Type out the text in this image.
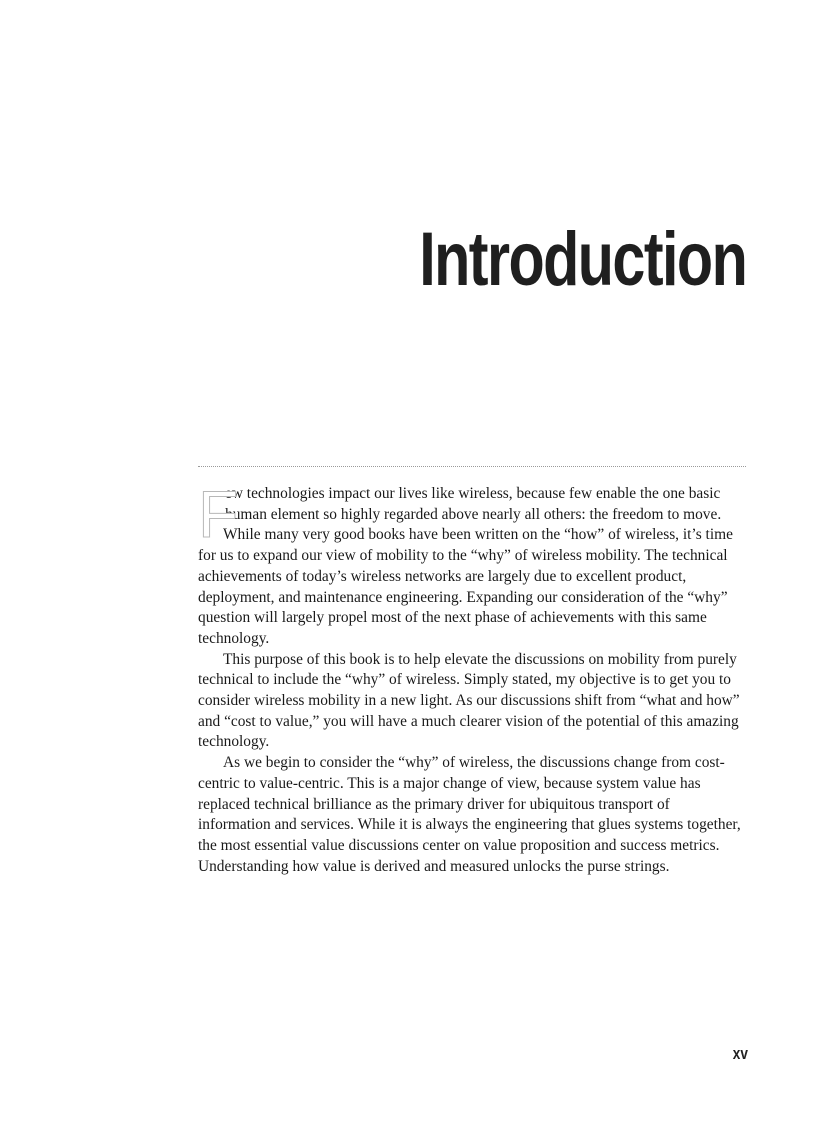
Introduction

F
ew technologies impact our lives like wireless, because few enable the one basic human element so highly regarded above nearly all others: the freedom to move.

While many very good books have been written on the “how” of wireless, it’s time for us to expand our view of mobility to the “why” of wireless mobility. The technical achievements of today’s wireless networks are largely due to excellent product, deployment, and maintenance engineering. Expanding our consideration of the “why” question will largely propel most of the next phase of achievements with this same technology.

This purpose of this book is to help elevate the discussions on mobility from purely technical to include the “why” of wireless. Simply stated, my objective is to get you to consider wireless mobility in a new light. As our discussions shift from “what and how” and “cost to value,” you will have a much clearer vision of the potential of this amazing technology.

As we begin to consider the “why” of wireless, the discussions change from cost-centric to value-centric. This is a major change of view, because system value has replaced technical brilliance as the primary driver for ubiquitous transport of information and services. While it is always the engineering that glues systems together, the most essential value discussions center on value proposition and success metrics. Understanding how value is derived and measured unlocks the purse strings.

xv
